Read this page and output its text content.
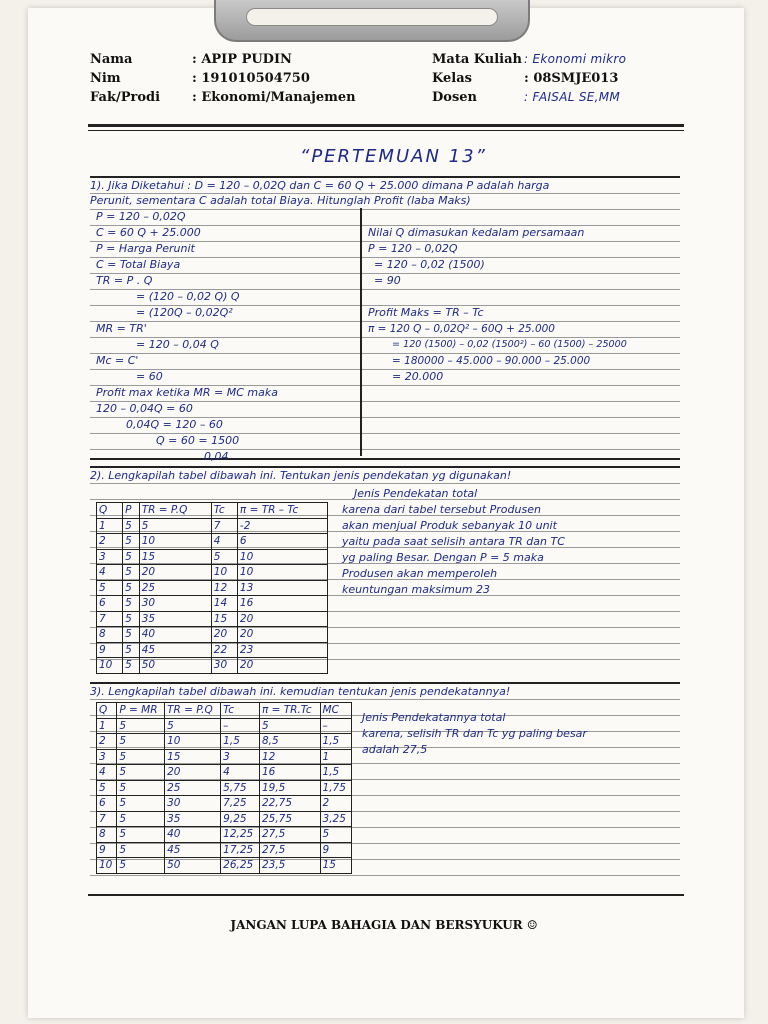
Nama	: APIP PUDIN
Nim	: 191010504750
Fak/Prodi	: Ekonomi/Manajemen
Mata Kuliah : Ekonomi mikro
Kelas	: 08SMJE013
Dosen	: FAISAL SE,MM
“PERTEMUAN 13”
1). Jika Diketahui : D = 120 – 0,02Q dan C = 60 Q + 25.000 dimana P adalah harga
Perunit, sementara C adalah total Biaya. Hitunglah Profit (laba Maks)
P = 120 – 0,02Q
C = 60 Q + 25.000
P = Harga Perunit
C = Total Biaya
TR = P . Q
= (120 – 0,02 Q) Q
= (120Q – 0,02Q²
MR = TR'
= 120 – 0,04 Q
Mc = C'
= 60
Profit max ketika MR = MC maka
120 – 0,04Q = 60
0,04Q = 120 – 60
Q = 60 = 1500
0,04

Nilai Q dimasukan kedalam persamaan
P = 120 – 0,02Q
= 120 – 0,02 (1500)
= 90

Profit Maks = TR – Tc
π = 120 Q – 0,02Q² – 60Q + 25.000
= 120 (1500) – 0,02 (1500²) – 60 (1500) – 25000
= 180000 – 45.000 – 90.000 – 25.000
= 20.000
2). Lengkapilah tabel dibawah ini. Tentukan jenis pendekatan yg digunakan!
Q	P	TR = P.Q	Tc	π = TR – Tc
1	5	5	7	-2
2	5	10	4	6
3	5	15	5	10
4	5	20	10	10
5	5	25	12	13
6	5	30	14	16
7	5	35	15	20
8	5	40	20	20
9	5	45	22	23
10	5	50	30	20
Jenis Pendekatan total
karena dari tabel tersebut Produsen
akan menjual Produk sebanyak 10 unit
yaitu pada saat selisih antara TR dan TC
yg paling Besar. Dengan P = 5 maka
Produsen akan memperoleh
keuntungan maksimum 23
3). Lengkapilah tabel dibawah ini. kemudian tentukan jenis pendekatannya!
Q	P = MR	TR = P.Q	Tc	π = TR.Tc	MC
1	5	5	–	5	–
2	5	10	1,5	8,5	1,5
3	5	15	3	12	1
4	5	20	4	16	1,5
5	5	25	5,75	19,5	1,75
6	5	30	7,25	22,75	2
7	5	35	9,25	25,75	3,25
8	5	40	12,25	27,5	5
9	5	45	17,25	27,5	9
10	5	50	26,25	23,5	15
Jenis Pendekatannya total
karena, selisih TR dan Tc yg paling besar
adalah 27,5
JANGAN LUPA BAHAGIA DAN BERSYUKUR ☺
